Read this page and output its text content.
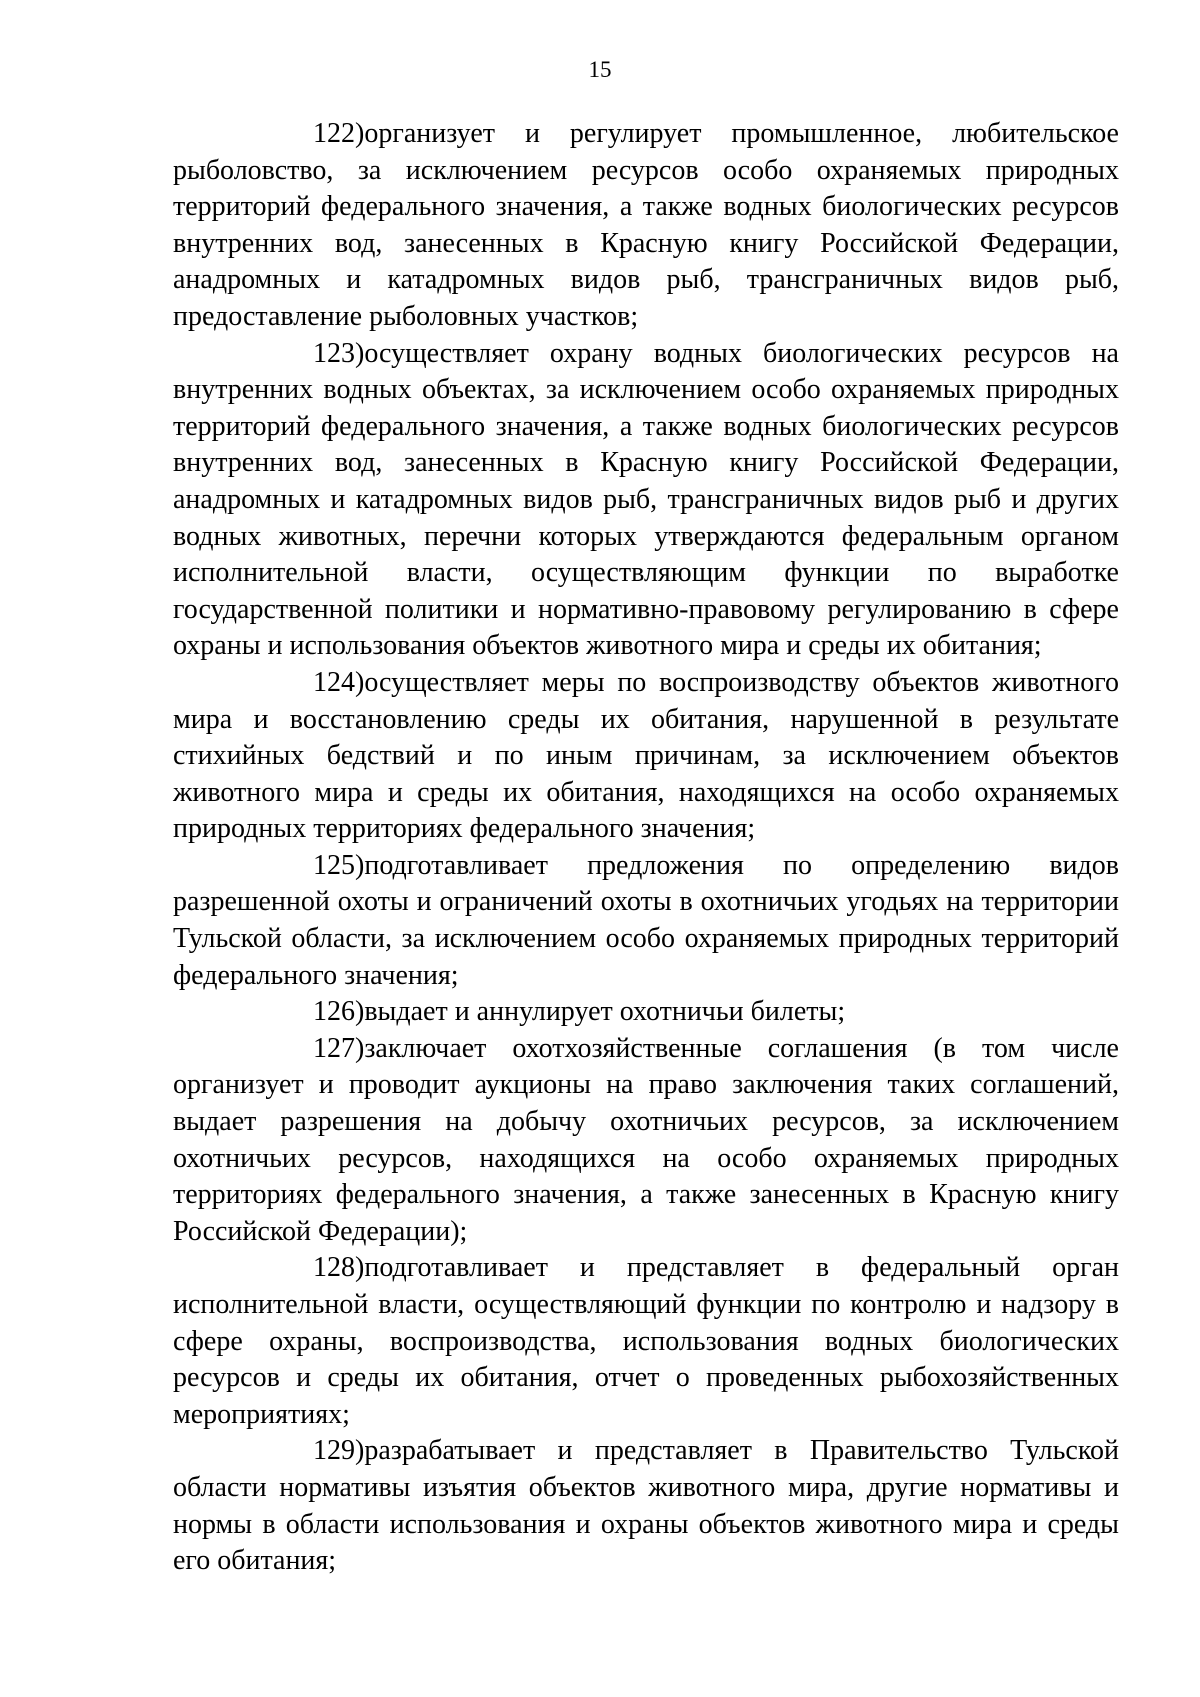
15

122)организует и регулирует промышленное, любительское рыболовство, за исключением ресурсов особо охраняемых природных территорий федерального значения, а также водных биологических ресурсов внутренних вод, занесенных в Красную книгу Российской Федерации, анадромных и катадромных видов рыб, трансграничных видов рыб, предоставление рыболовных участков;

123)осуществляет охрану водных биологических ресурсов на внутренних водных объектах, за исключением особо охраняемых природных территорий федерального значения, а также водных биологических ресурсов внутренних вод, занесенных в Красную книгу Российской Федерации, анадромных и катадромных видов рыб, трансграничных видов рыб и других водных животных, перечни которых утверждаются федеральным органом исполнительной власти, осуществляющим функции по выработке государственной политики и нормативно-правовому регулированию в сфере охраны и использования объектов животного мира и среды их обитания;

124)осуществляет меры по воспроизводству объектов животного мира и восстановлению среды их обитания, нарушенной в результате стихийных бедствий и по иным причинам, за исключением объектов животного мира и среды их обитания, находящихся на особо охраняемых природных территориях федерального значения;

125)подготавливает предложения по определению видов разрешенной охоты и ограничений охоты в охотничьих угодьях на территории Тульской области, за исключением особо охраняемых природных территорий федерального значения;

126)выдает и аннулирует охотничьи билеты;

127)заключает охотхозяйственные соглашения (в том числе организует и проводит аукционы на право заключения таких соглашений, выдает разрешения на добычу охотничьих ресурсов, за исключением охотничьих ресурсов, находящихся на особо охраняемых природных территориях федерального значения, а также занесенных в Красную книгу Российской Федерации);

128)подготавливает и представляет в федеральный орган исполнительной власти, осуществляющий функции по контролю и надзору в сфере охраны, воспроизводства, использования водных биологических ресурсов и среды их обитания, отчет о проведенных рыбохозяйственных мероприятиях;

129)разрабатывает и представляет в Правительство Тульской области нормативы изъятия объектов животного мира, другие нормативы и нормы в области использования и охраны объектов животного мира и среды его обитания;
